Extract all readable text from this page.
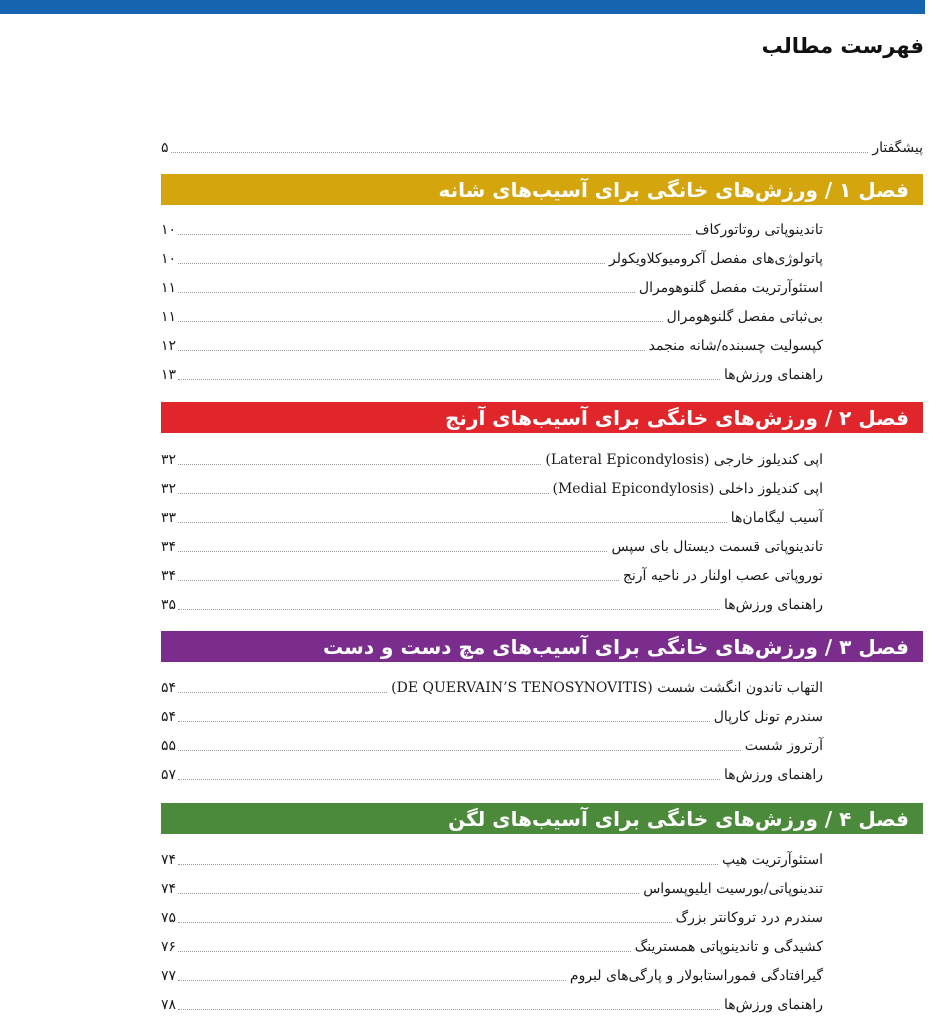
فهرست مطالب
پیشگفتار
۵
فصل ۱ / ورزش‌های خانگی برای آسیب‌های شانه
تاندینوپاتی روتاتورکاف
۱۰
پاتولوژی‌های مفصل آکرومیوکلاویکولر
۱۰
استئوآرتریت مفصل گلنوهومرال
۱۱
بی‌ثباتی مفصل گلنوهومرال
۱۱
کپسولیت چسبنده/شانه منجمد
۱۲
راهنمای ورزش‌ها
۱۳
فصل ۲ / ورزش‌های خانگی برای آسیب‌های آرنج
اپی کندیلوز خارجی (Lateral Epicondylosis)
۳۲
اپی کندیلوز داخلی (Medial Epicondylosis)
۳۲
آسیب لیگامان‌ها
۳۳
تاندینوپاتی قسمت دیستال بای سپس
۳۴
نوروپاتی عصب اولنار در ناحیه آرنج
۳۴
راهنمای ورزش‌ها
۳۵
فصل ۳ / ورزش‌های خانگی برای آسیب‌های مچ دست و دست
التهاب تاندون انگشت شست (DE QUERVAIN’S TENOSYNOVITIS)
۵۴
سندرم تونل کارپال
۵۴
آرتروز شست
۵۵
راهنمای ورزش‌ها
۵۷
فصل ۴ / ورزش‌های خانگی برای آسیب‌های لگن
استئوآرتریت هیپ
۷۴
تندینوپاتی/بورسیت ایلیوپسواس
۷۴
سندرم درد تروکانتر بزرگ
۷۵
کشیدگی و تاندینوپاتی همسترینگ
۷۶
گیرافتادگی فموراستابولار و پارگی‌های لبروم
۷۷
راهنمای ورزش‌ها
۷۸
